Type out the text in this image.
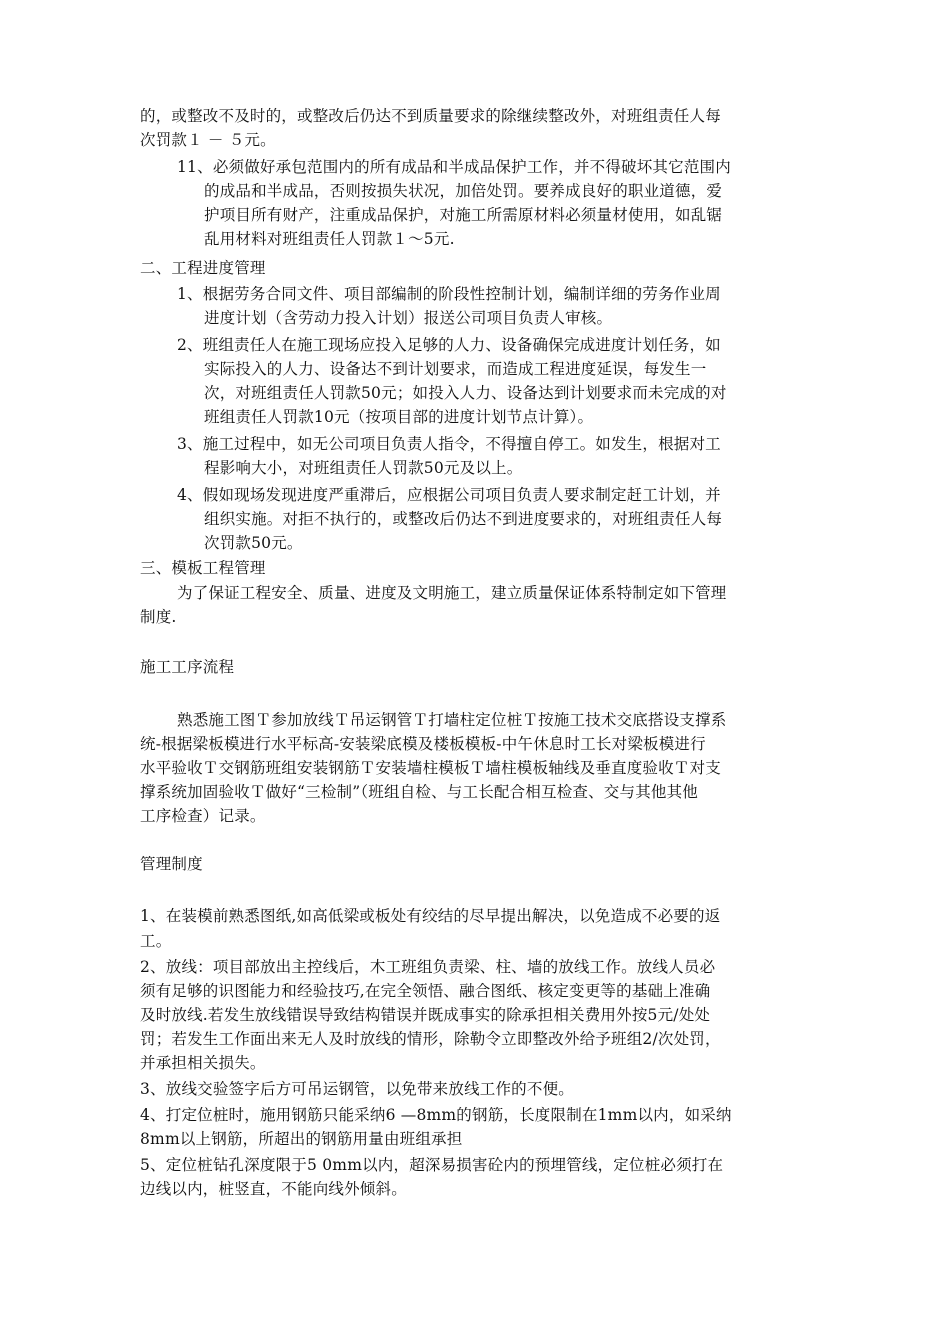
的，或整改不及时的，或整改后仍达不到质量要求的除继续整改外，对班组责任人每
次罚款１ － ５元。
11、必须做好承包范围内的所有成品和半成品保护工作，并不得破坏其它范围内
的成品和半成品，否则按损失状况，加倍处罚。要养成良好的职业道德，爱
护项目所有财产，注重成品保护，对施工所需原材料必须量材使用，如乱锯
乱用材料对班组责任人罚款１〜5元.
二、工程进度管理
1、根据劳务合同文件、项目部编制的阶段性控制计划，编制详细的劳务作业周
进度计划（含劳动力投入计划）报送公司项目负责人审核。
2、班组责任人在施工现场应投入足够的人力、设备确保完成进度计划任务，如
实际投入的人力、设备达不到计划要求，而造成工程进度延误，每发生一
次，对班组责任人罚款50元；如投入人力、设备达到计划要求而未完成的对
班组责任人罚款10元（按项目部的进度计划节点计算）。
3、施工过程中，如无公司项目负责人指令，不得擅自停工。如发生，根据对工
程影响大小，对班组责任人罚款50元及以上。
4、假如现场发现进度严重滞后，应根据公司项目负责人要求制定赶工计划，并
组织实施。对拒不执行的，或整改后仍达不到进度要求的，对班组责任人每
次罚款50元。
三、模板工程管理
为了保证工程安全、质量、进度及文明施工，建立质量保证体系特制定如下管理
制度.
施工工序流程
熟悉施工图Ｔ参加放线Ｔ吊运钢管Ｔ打墙柱定位桩Ｔ按施工技术交底搭设支撑系
统-根据梁板模进行水平标高-安装梁底模及楼板模板-中午休息时工长对梁板模进行
水平验收Ｔ交钢筋班组安装钢筋Ｔ安装墙柱模板Ｔ墙柱模板轴线及垂直度验收Ｔ对支
撑系统加固验收Ｔ做好“三检制”（班组自检、与工长配合相互检查、交与其他其他
工序检查）记录。
管理制度
1、在装模前熟悉图纸,如高低梁或板处有绞结的尽早提出解决，以免造成不必要的返
工。
2、放线：项目部放出主控线后，木工班组负责梁、柱、墙的放线工作。放线人员必
须有足够的识图能力和经验技巧,在完全领悟、融合图纸、核定变更等的基础上准确
及时放线.若发生放线错误导致结构错误并既成事实的除承担相关费用外按5元/处处
罚；若发生工作面出来无人及时放线的情形，除勒令立即整改外给予班组2/次处罚，
并承担相关损失。
3、放线交验签字后方可吊运钢管，以免带来放线工作的不便。
4、打定位桩时，施用钢筋只能采纳6 —8mm的钢筋，长度限制在1mm以内，如采纳
8mm以上钢筋，所超出的钢筋用量由班组承担
5、定位桩钻孔深度限于5 0mm以内，超深易损害砼内的预埋管线，定位桩必须打在
边线以内，桩竖直，不能向线外倾斜。
